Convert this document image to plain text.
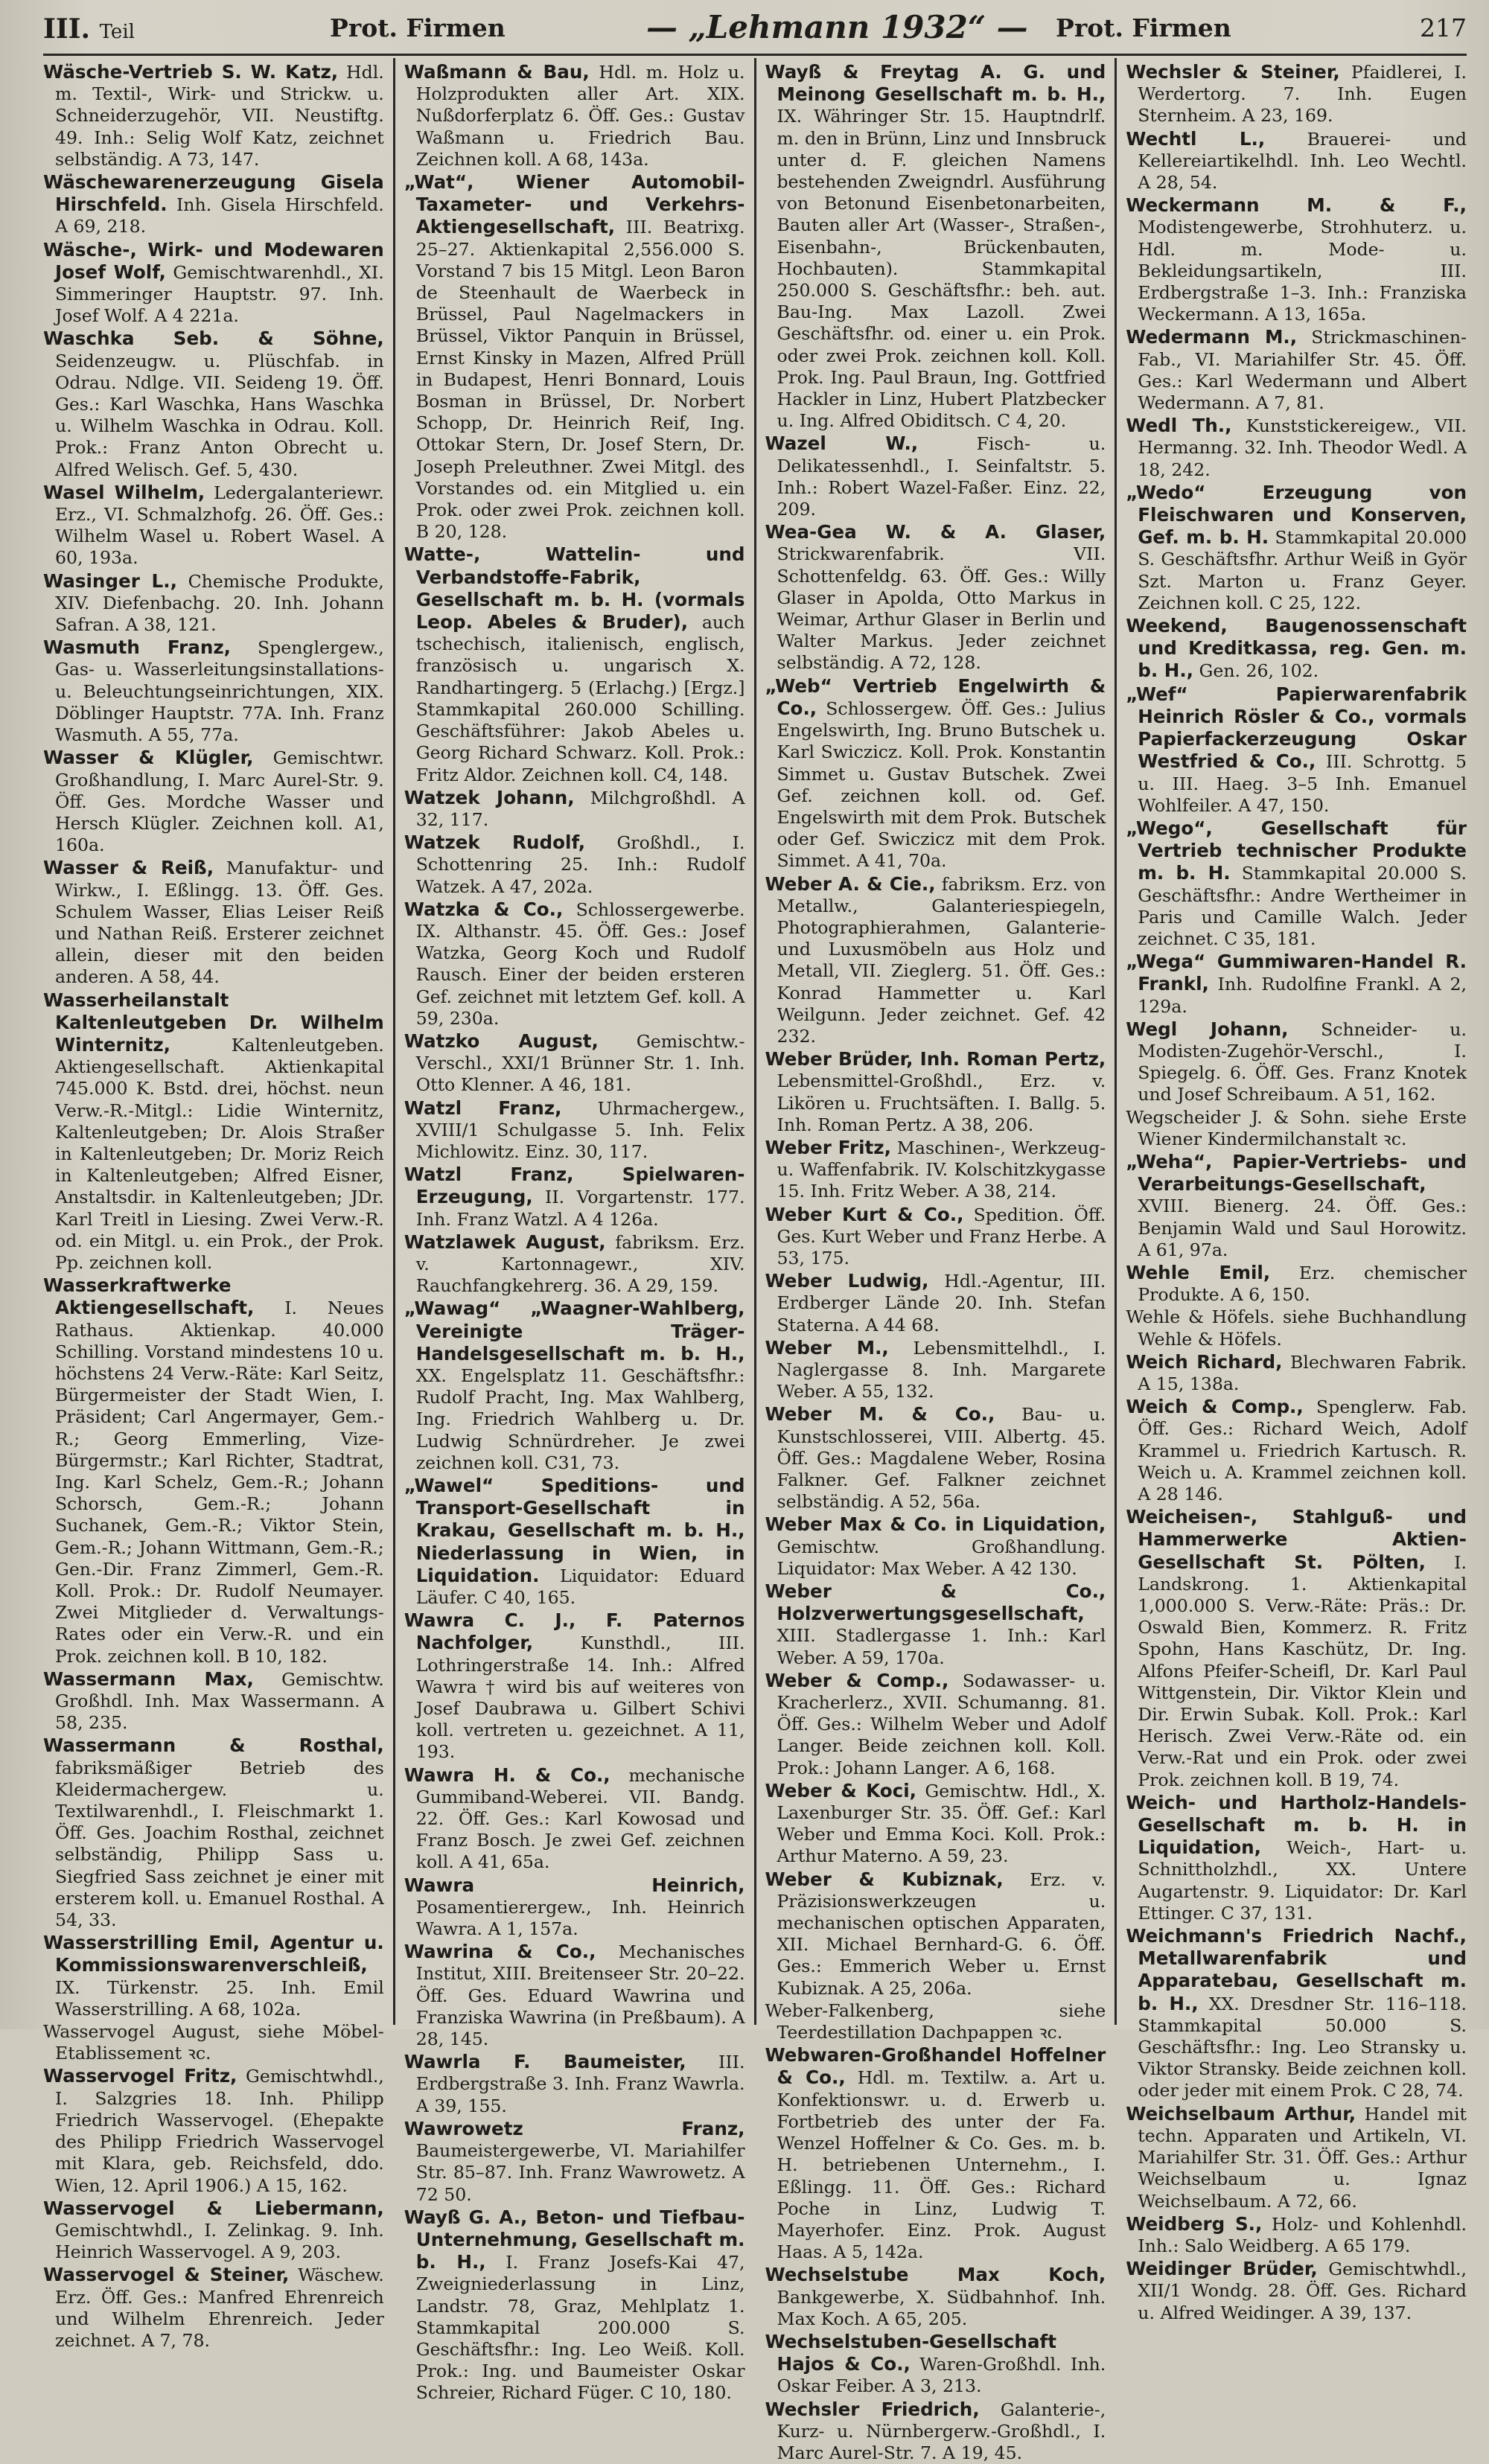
III. Teil	Prot. Firmen	— „Lehmann 1932“ — Prot. Firmen	217

Wäsche-Vertrieb S. W. Katz, Hdl. m. Textil-, Wirk- und Strickw. u. Schneiderzugehör, VII. Neustiftg. 49. Inh.: Selig Wolf Katz, zeichnet selbständig. A 73, 147.

Wäschewarenerzeugung Gisela Hirschfeld. Inh. Gisela Hirschfeld. A 69, 218.

Wäsche-, Wirk- und Modewaren Josef Wolf, Gemischtwarenhdl., XI. Simmeringer Hauptstr. 97. Inh. Josef Wolf. A 4 221a.

Waschka Seb. & Söhne, Seidenzeugw. u. Plüschfab. in Odrau. Ndlge. VII. Seideng 19. Öff. Ges.: Karl Waschka, Hans Waschka u. Wilhelm Waschka in Odrau. Koll. Prok.: Franz Anton Obrecht u. Alfred Welisch. Gef. 5, 430.

Wasel Wilhelm, Ledergalanteriewr. Erz., VI. Schmalzhofg. 26. Öff. Ges.: Wilhelm Wasel u. Robert Wasel. A 60, 193a.

Wasinger L., Chemische Produkte, XIV. Diefenbachg. 20. Inh. Johann Safran. A 38, 121.

Wasmuth Franz, Spenglergew., Gas- u. Wasserleitungsinstallations- u. Beleuchtungseinrichtungen, XIX. Döblinger Hauptstr. 77A. Inh. Franz Wasmuth. A 55, 77a.

Wasser & Klügler, Gemischtwr. Großhandlung, I. Marc Aurel-Str. 9. Öff. Ges. Mordche Wasser und Hersch Klügler. Zeichnen koll. A1, 160a.

Wasser & Reiß, Manufaktur- und Wirkw., I. Eßlingg. 13. Öff. Ges. Schulem Wasser, Elias Leiser Reiß und Nathan Reiß. Ersterer zeichnet allein, dieser mit den beiden anderen. A 58, 44.

Wasserheilanstalt Kaltenleutgeben Dr. Wilhelm Winternitz,	Kaltenleutgeben. Aktiengesellschaft. Aktienkapital 745.000 K. Bstd. drei, höchst. neun Verw.-R.-Mitgl.: Lidie Winternitz, Kaltenleutgeben; Dr. Alois Straßer in Kaltenleutgeben; Dr. Moriz Reich in Kaltenleutgeben; Alfred Eisner, Anstaltsdir. in Kaltenleutgeben; JDr. Karl Treitl in Liesing. Zwei Verw.-R. od. ein Mitgl. u. ein Prok., der Prok. Pp. zeichnen koll.

Wasserkraftwerke Aktiengesellschaft, I. Neues Rathaus. Aktienkap. 40.000 Schilling. Vorstand mindestens 10 u. höchstens 24 Verw.-Räte: Karl Seitz, Bürgermeister der Stadt Wien, I. Präsident; Carl Angermayer, Gem.-R.; Georg Emmerling, Vize-Bürgermstr.; Karl Richter, Stadtrat, Ing. Karl Schelz, Gem.-R.; Johann Schorsch, Gem.-R.; Johann Suchanek, Gem.-R.; Viktor Stein, Gem.-R.; Johann Wittmann, Gem.-R.; Gen.-Dir. Franz Zimmerl, Gem.-R. Koll. Prok.: Dr. Rudolf Neumayer. Zwei Mitglieder d. Verwaltungs-Rates oder ein Verw.-R. und ein Prok. zeichnen koll. B 10, 182.

Wassermann Max, Gemischtw. Großhdl. Inh. Max Wassermann. A 58, 235.

Wassermann & Rosthal, fabriksmäßiger Betrieb des Kleidermachergew. u. Textilwarenhdl., I. Fleischmarkt 1. Öff. Ges. Joachim Rosthal, zeichnet selbständig, Philipp Sass u. Siegfried Sass zeichnet je einer mit ersterem koll. u. Emanuel Rosthal. A 54, 33.

Wasserstrilling Emil, Agentur u. Kommissionswarenverschleiß, IX. Türkenstr. 25. Inh. Emil Wasserstrilling. A 68, 102a.

Wasservogel August, siehe Möbel-Etablissement ꝛc.

Wasservogel Fritz, Gemischtwhdl., I. Salzgries 18. Inh. Philipp Friedrich Wasservogel. (Ehepakte des Philipp Friedrich Wasservogel mit Klara, geb. Reichsfeld, ddo. Wien, 12. April 1906.) A 15, 162.

Wasservogel & Liebermann, Gemischtwhdl., I. Zelinkag. 9. Inh. Heinrich Wasservogel. A 9, 203.

Wasservogel & Steiner, Wäschew. Erz. Öff. Ges.: Manfred Ehrenreich und Wilhelm Ehrenreich. Jeder zeichnet. A 7, 78.

Waßmann & Bau, Hdl. m. Holz u. Holzprodukten aller Art. XIX. Nußdorferplatz 6. Öff. Ges.: Gustav Waßmann u. Friedrich Bau. Zeichnen koll. A 68, 143a.

„Wat“, Wiener Automobil-Taxameter- und Verkehrs-Aktiengesellschaft, III. Beatrixg. 25–27. Aktienkapital 2,556.000 S. Vorstand 7 bis 15 Mitgl. Leon Baron de Steenhault de Waerbeck in Brüssel, Paul Nagelmackers in Brüssel, Viktor Panquin in Brüssel, Ernst Kinsky in Mazen, Alfred Prüll in Budapest, Henri Bonnard, Louis Bosman in Brüssel, Dr. Norbert Schopp, Dr. Heinrich Reif, Ing. Ottokar Stern, Dr. Josef Stern, Dr. Joseph Preleuthner. Zwei Mitgl. des Vorstandes od. ein Mitglied u. ein Prok. oder zwei Prok. zeichnen koll. B 20, 128.

Watte-, Wattelin- und Verbandstoffe-Fabrik, Gesellschaft m. b. H. (vormals Leop. Abeles & Bruder), auch tschechisch, italienisch, englisch, französisch u. ungarisch X. Randhartingerg. 5 (Erlachg.) [Ergz.] Stammkapital 260.000 Schilling. Geschäftsführer: Jakob Abeles u. Georg Richard Schwarz. Koll. Prok.: Fritz Aldor. Zeichnen koll. C4, 148.

Watzek Johann, Milchgroßhdl. A 32, 117.

Watzek Rudolf, Großhdl., I. Schottenring 25. Inh.: Rudolf Watzek. A 47, 202a.

Watzka & Co., Schlossergewerbe. IX. Althanstr. 45. Öff. Ges.: Josef Watzka, Georg Koch und Rudolf Rausch. Einer der beiden ersteren Gef. zeichnet mit letztem Gef. koll. A 59, 230a.

Watzko August, Gemischtw.-Verschl., XXI/1 Brünner Str. 1. Inh. Otto Klenner. A 46, 181.

Watzl Franz, Uhrmachergew., XVIII/1 Schulgasse 5. Inh. Felix Michlowitz. Einz. 30, 117.

Watzl Franz, Spielwaren-Erzeugung, II. Vorgartenstr. 177. Inh. Franz Watzl. A 4 126a.

Watzlawek August, fabriksm. Erz. v. Kartonnagewr., XIV. Rauchfangkehrerg. 36. A 29, 159.

„Wawag“ „Waagner-Wahlberg, Vereinigte Träger-Handelsgesellschaft m. b. H., XX. Engelsplatz 11. Geschäftsfhr.: Rudolf Pracht, Ing. Max Wahlberg, Ing. Friedrich Wahlberg u. Dr. Ludwig Schnürdreher. Je zwei zeichnen koll. C31, 73.

„Wawel“ Speditions- und Transport-Gesellschaft in Krakau, Gesellschaft m. b. H., Niederlassung in Wien, in Liquidation. Liquidator: Eduard Läufer. C 40, 165.

Wawra C. J., F. Paternos Nachfolger,	Kunsthdl., III. Lothringerstraße 14. Inh.: Alfred Wawra † wird bis auf weiteres von Josef Daubrawa u. Gilbert Schivi koll. vertreten u. gezeichnet. A 11, 193.

Wawra H. & Co., mechanische Gummiband-Weberei. VII. Bandg. 22. Öff. Ges.: Karl Kowosad und Franz Bosch. Je zwei Gef. zeichnen koll. A 41, 65a.

Wawra Heinrich, Posamentierergew., Inh. Heinrich Wawra. A 1, 157a.

Wawrina & Co., Mechanisches Institut, XIII. Breitenseer Str. 20–22. Öff. Ges. Eduard Wawrina und Franziska Wawrina (in Preßbaum). A 28, 145.

Wawrla F. Baumeister, III. Erdbergstraße 3. Inh. Franz Wawrla. A 39, 155.

Wawrowetz Franz, Baumeistergewerbe, VI. Mariahilfer Str. 85–87. Inh. Franz Wawrowetz. A 72 50.

Wayß G. A., Beton- und Tiefbau-Unternehmung, Gesellschaft m. b. H., I. Franz Josefs-Kai 47, Zweigniederlassung in Linz, Landstr. 78, Graz, Mehlplatz 1. Stammkapital 200.000 S. Geschäftsfhr.: Ing. Leo Weiß. Koll. Prok.: Ing. und Baumeister Oskar Schreier, Richard Füger. C 10, 180.

Wayß & Freytag A. G. und Meinong Gesellschaft m. b. H., IX. Währinger Str. 15. Hauptndrlf. m. den in Brünn, Linz und Innsbruck unter d. F. gleichen Namens bestehenden Zweigndrl. Ausführung von Betonund Eisenbetonarbeiten, Bauten aller Art (Wasser-, Straßen-, Eisenbahn-, Brückenbauten, Hochbauten). Stammkapital 250.000 S. Geschäftsfhr.: beh. aut. Bau-Ing. Max Lazoll. Zwei Geschäftsfhr. od. einer u. ein Prok. oder zwei Prok. zeichnen koll. Koll. Prok. Ing. Paul Braun, Ing. Gottfried Hackler in Linz, Hubert Platzbecker u. Ing. Alfred Obiditsch. C 4, 20.

Wazel W.,	Fisch- u. Delikatessenhdl., I. Seinfaltstr. 5. Inh.: Robert Wazel-Faßer. Einz. 22, 209.

Wea-Gea W. & A. Glaser, Strickwarenfabrik. VII. Schottenfeldg. 63. Öff. Ges.: Willy Glaser in Apolda, Otto Markus in Weimar, Arthur Glaser in Berlin und Walter Markus. Jeder zeichnet selbständig. A 72, 128.

„Web“ Vertrieb Engelwirth & Co., Schlossergew. Öff. Ges.: Julius Engelswirth, Ing. Bruno Butschek u. Karl Swiczicz. Koll. Prok. Konstantin Simmet u. Gustav Butschek. Zwei Gef. zeichnen koll. od. Gef. Engelswirth mit dem Prok. Butschek oder Gef. Swiczicz mit dem Prok. Simmet. A 41, 70a.

Weber A. & Cie., fabriksm. Erz. von Metallw., Galanteriespiegeln, Photographierahmen, Galanterie- und Luxusmöbeln aus Holz und Metall, VII. Zieglerg. 51. Öff. Ges.: Konrad Hammetter u. Karl Weilgunn. Jeder zeichnet. Gef. 42 232.

Weber Brüder, Inh. Roman Pertz, Lebensmittel-Großhdl., Erz. v. Likören u. Fruchtsäften. I. Ballg. 5. Inh. Roman Pertz. A 38, 206.

Weber Fritz, Maschinen-, Werkzeug- u. Waffenfabrik. IV. Kolschitzkygasse 15. Inh. Fritz Weber. A 38, 214.

Weber Kurt & Co., Spedition. Öff. Ges. Kurt Weber und Franz Herbe. A 53, 175.

Weber Ludwig, Hdl.-Agentur, III. Erdberger Lände 20. Inh. Stefan Staterna. A 44 68.

Weber M., Lebensmittelhdl., I. Naglergasse 8. Inh. Margarete Weber. A 55, 132.

Weber M. & Co., Bau- u. Kunstschlosserei, VIII. Albertg. 45. Öff. Ges.: Magdalene Weber, Rosina Falkner. Gef. Falkner zeichnet selbständig. A 52, 56a.

Weber Max & Co. in Liquidation, Gemischtw. Großhandlung. Liquidator: Max Weber. A 42 130.

Weber & Co., Holzverwertungsgesellschaft, XIII. Stadlergasse 1. Inh.: Karl Weber. A 59, 170a.

Weber & Comp., Sodawasser- u. Kracherlerz., XVII. Schumanng. 81. Öff. Ges.: Wilhelm Weber und Adolf Langer. Beide zeichnen koll. Koll. Prok.: Johann Langer. A 6, 168.

Weber & Koci, Gemischtw. Hdl., X. Laxenburger Str. 35. Öff. Gef.: Karl Weber und Emma Koci. Koll. Prok.: Arthur Materno. A 59, 23.

Weber & Kubiznak, Erz. v. Präzisionswerkzeugen u. mechanischen optischen Apparaten, XII. Michael Bernhard-G. 6. Öff. Ges.: Emmerich Weber u. Ernst Kubiznak. A 25, 206a.

Weber-Falkenberg, siehe Teerdestillation Dachpappen ꝛc.

Webwaren-Großhandel Hoffelner & Co., Hdl. m. Textilw. a. Art u. Konfektionswr. u. d. Erwerb u. Fortbetrieb des unter der Fa. Wenzel Hoffelner & Co. Ges. m. b. H. betriebenen Unternehm., I. Eßlingg. 11. Öff. Ges.: Richard Poche in Linz, Ludwig T. Mayerhofer. Einz. Prok. August Haas. A 5, 142a.

Wechselstube Max Koch, Bankgewerbe, X. Südbahnhof. Inh. Max Koch. A 65, 205.

Wechselstuben-Gesellschaft Hajos & Co., Waren-Großhdl. Inh. Oskar Feiber. A 3, 213.

Wechsler Friedrich, Galanterie-, Kurz- u. Nürnbergerw.-Großhdl., I. Marc Aurel-Str. 7. A 19, 45.

Wechsler & Steiner, Pfaidlerei, I. Werdertorg. 7. Inh. Eugen Sternheim. A 23, 169.

Wechtl L., Brauerei- und Kellereiartikelhdl. Inh. Leo Wechtl. A 28, 54.

Weckermann M. & F., Modistengewerbe, Strohhuterz. u. Hdl. m. Mode- u. Bekleidungsartikeln, III. Erdbergstraße 1–3. Inh.: Franziska Weckermann. A 13, 165a.

Wedermann M., Strickmaschinen-Fab., VI. Mariahilfer Str. 45. Öff. Ges.: Karl Wedermann und Albert Wedermann. A 7, 81.

Wedl Th., Kunststickereigew., VII. Hermanng. 32. Inh. Theodor Wedl. A 18, 242.

„Wedo“ Erzeugung von Fleischwaren und Konserven, Gef. m. b. H. Stammkapital 20.000 S. Geschäftsfhr. Arthur Weiß in Györ Szt. Marton u. Franz Geyer. Zeichnen koll. C 25, 122.

Weekend, Baugenossenschaft und Kreditkassa, reg. Gen. m. b. H., Gen. 26, 102.

„Wef“ Papierwarenfabrik Heinrich Rösler & Co., vormals Papierfackerzeugung Oskar Westfried & Co., III. Schrottg. 5 u. III. Haeg. 3–5 Inh. Emanuel Wohlfeiler. A 47, 150.

„Wego“, Gesellschaft für Vertrieb technischer Produkte m. b. H. Stammkapital 20.000 S. Geschäftsfhr.: Andre Wertheimer in Paris und Camille Walch. Jeder zeichnet. C 35, 181.

„Wega“ Gummiwaren-Handel R. Frankl, Inh. Rudolfine Frankl. A 2, 129a.

Wegl Johann, Schneider- u. Modisten-Zugehör-Verschl., I. Spiegelg. 6. Öff. Ges. Franz Knotek und Josef Schreibaum. A 51, 162.

Wegscheider J. & Sohn. siehe Erste Wiener Kindermilchanstalt ꝛc.

„Weha“, Papier-Vertriebs- und Verarbeitungs-Gesellschaft, XVIII. Bienerg. 24. Öff. Ges.: Benjamin Wald und Saul Horowitz. A 61, 97a.

Wehle Emil, Erz. chemischer Produkte. A 6, 150.

Wehle & Höfels. siehe Buchhandlung Wehle & Höfels.

Weich Richard, Blechwaren Fabrik. A 15, 138a.

Weich & Comp., Spenglerw. Fab. Öff. Ges.: Richard Weich, Adolf Krammel u. Friedrich Kartusch. R. Weich u. A. Krammel zeichnen koll. A 28 146.

Weicheisen-, Stahlguß- und Hammerwerke Aktien-Gesellschaft St. Pölten, I. Landskrong. 1. Aktienkapital 1,000.000 S. Verw.-Räte: Präs.: Dr. Oswald Bien, Kommerz. R. Fritz Spohn, Hans Kaschütz, Dr. Ing. Alfons Pfeifer-Scheifl, Dr. Karl Paul Wittgenstein, Dir. Viktor Klein und Dir. Erwin Subak. Koll. Prok.: Karl Herisch. Zwei Verw.-Räte od. ein Verw.-Rat und ein Prok. oder zwei Prok. zeichnen koll. B 19, 74.

Weich- und Hartholz-Handels-Gesellschaft m. b. H. in Liquidation, Weich-, Hart- u. Schnittholzhdl., XX. Untere Augartenstr. 9. Liquidator: Dr. Karl Ettinger. C 37, 131.

Weichmann's Friedrich Nachf., Metallwarenfabrik und Apparatebau, Gesellschaft m. b. H., XX. Dresdner Str. 116–118. Stammkapital 50.000 S. Geschäftsfhr.: Ing. Leo Stransky u. Viktor Stransky. Beide zeichnen koll. oder jeder mit einem Prok. C 28, 74.

Weichselbaum Arthur, Handel mit techn. Apparaten und Artikeln, VI. Mariahilfer Str. 31. Öff. Ges.: Arthur Weichselbaum u. Ignaz Weichselbaum. A 72, 66.

Weidberg S., Holz- und Kohlenhdl. Inh.: Salo Weidberg. A 65 179.

Weidinger Brüder, Gemischtwhdl., XII/1 Wondg. 28. Öff. Ges. Richard u. Alfred Weidinger. A 39, 137.
